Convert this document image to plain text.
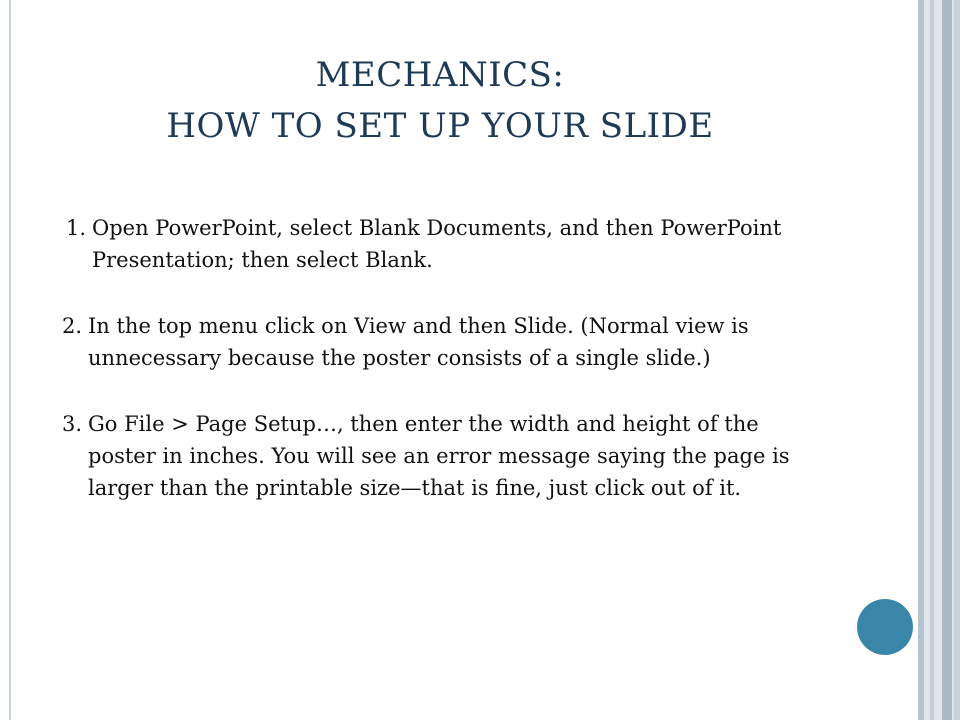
MECHANICS:
HOW TO SET UP YOUR SLIDE
1. Open PowerPoint, select Blank Documents, and then PowerPoint Presentation; then select Blank.
2. In the top menu click on View and then Slide. (Normal view is unnecessary because the poster consists of a single slide.)
3. Go File > Page Setup…, then enter the width and height of the poster in inches. You will see an error message saying the page is larger than the printable size—that is fine, just click out of it.
